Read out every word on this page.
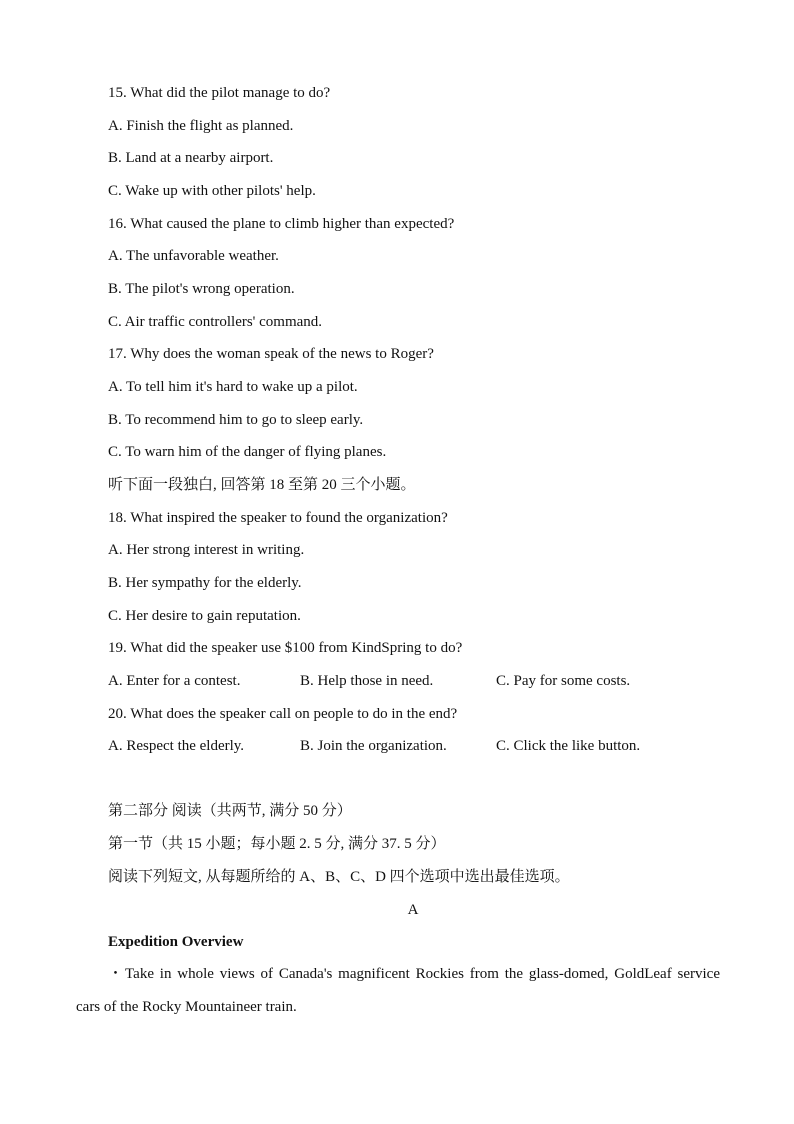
15. What did the pilot manage to do?
A. Finish the flight as planned.
B. Land at a nearby airport.
C. Wake up with other pilots' help.
16. What caused the plane to climb higher than expected?
A. The unfavorable weather.
B. The pilot's wrong operation.
C. Air traffic controllers' command.
17. Why does the woman speak of the news to Roger?
A. To tell him it's hard to wake up a pilot.
B. To recommend him to go to sleep early.
C. To warn him of the danger of flying planes.
听下面一段独白, 回答第 18 至第 20 三个小题。
18. What inspired the speaker to found the organization?
A. Her strong interest in writing.
B. Her sympathy for the elderly.
C. Her desire to gain reputation.
19. What did the speaker use $100 from KindSpring to do?
A. Enter for a contest.	B. Help those in need.	C. Pay for some costs.
20. What does the speaker call on people to do in the end?
A. Respect the elderly.	B. Join the organization.	C. Click the like button.
第二部分 阅读（共两节, 满分 50 分）
第一节（共 15 小题；每小题 2. 5 分, 满分 37. 5 分）
阅读下列短文, 从每题所给的 A、B、C、D 四个选项中选出最佳选项。
A
Expedition Overview
・Take in whole views of Canada's magnificent Rockies from the glass-domed, GoldLeaf service cars of the Rocky Mountaineer train.
